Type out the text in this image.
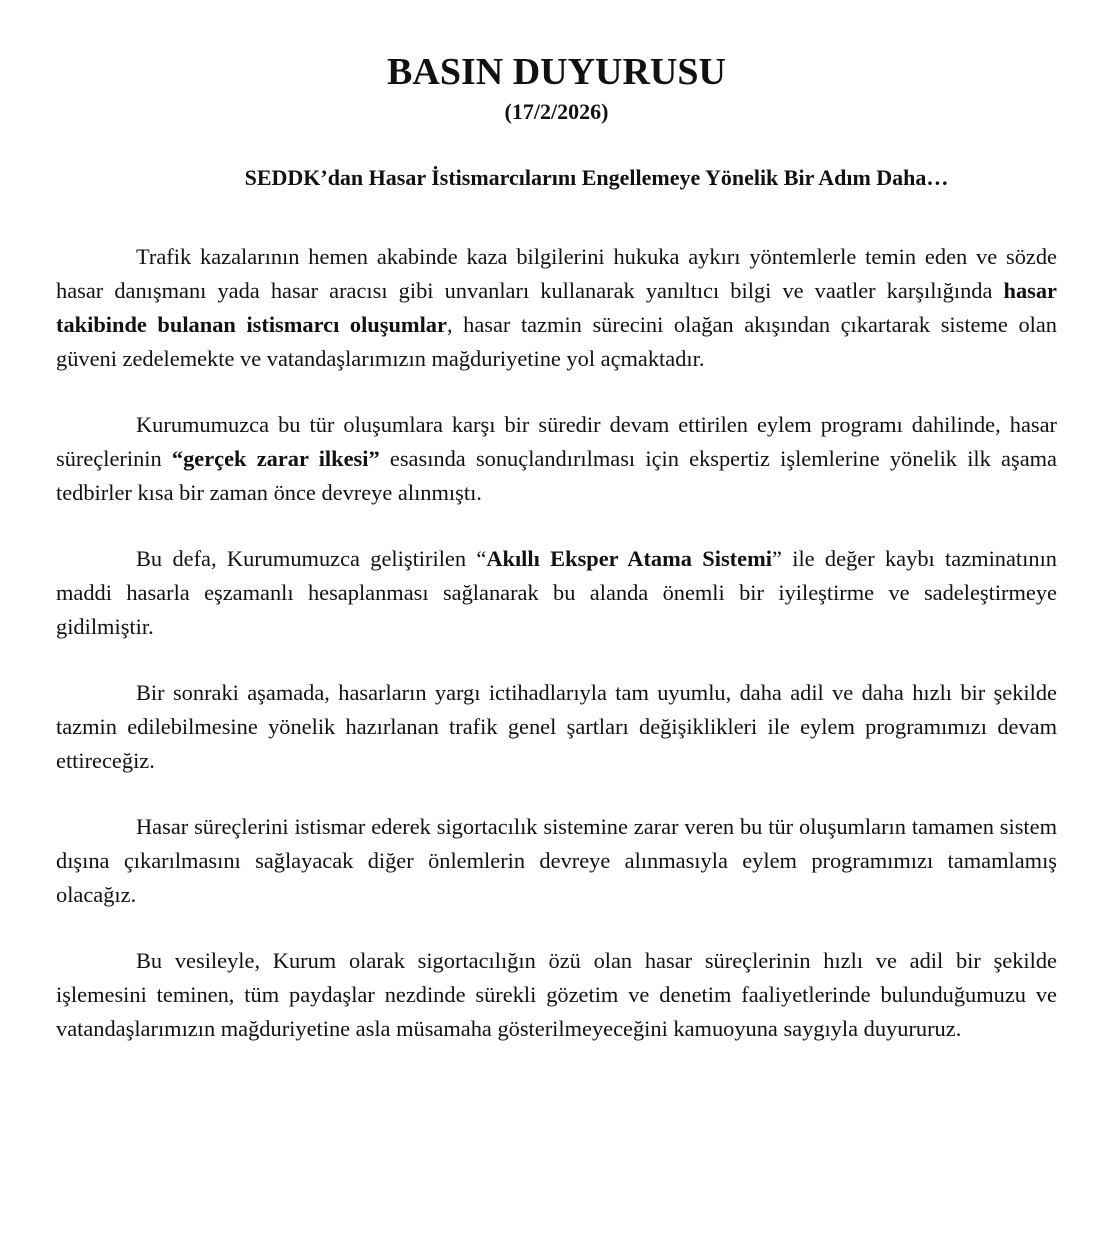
BASIN DUYURUSU
(17/2/2026)
SEDDK’dan Hasar İstismarcılarını Engellemeye Yönelik Bir Adım Daha…

Trafik kazalarının hemen akabinde kaza bilgilerini hukuka aykırı yöntemlerle temin eden ve sözde hasar danışmanı yada hasar aracısı gibi unvanları kullanarak yanıltıcı bilgi ve vaatler karşılığında hasar takibinde bulanan istismarcı oluşumlar, hasar tazmin sürecini olağan akışından çıkartarak sisteme olan güveni zedelemekte ve vatandaşlarımızın mağduriyetine yol açmaktadır.

Kurumumuzca bu tür oluşumlara karşı bir süredir devam ettirilen eylem programı dahilinde, hasar süreçlerinin “gerçek zarar ilkesi” esasında sonuçlandırılması için ekspertiz işlemlerine yönelik ilk aşama tedbirler kısa bir zaman önce devreye alınmıştı.

Bu defa, Kurumumuzca geliştirilen “Akıllı Eksper Atama Sistemi” ile değer kaybı tazminatının maddi hasarla eşzamanlı hesaplanması sağlanarak bu alanda önemli bir iyileştirme ve sadeleştirmeye gidilmiştir.

Bir sonraki aşamada, hasarların yargı ictihadlarıyla tam uyumlu, daha adil ve daha hızlı bir şekilde tazmin edilebilmesine yönelik hazırlanan trafik genel şartları değişiklikleri ile eylem programımızı devam ettireceğiz.

Hasar süreçlerini istismar ederek sigortacılık sistemine zarar veren bu tür oluşumların tamamen sistem dışına çıkarılmasını sağlayacak diğer önlemlerin devreye alınmasıyla eylem programımızı tamamlamış olacağız.

Bu vesileyle, Kurum olarak sigortacılığın özü olan hasar süreçlerinin hızlı ve adil bir şekilde işlemesini teminen, tüm paydaşlar nezdinde sürekli gözetim ve denetim faaliyetlerinde bulunduğumuzu ve vatandaşlarımızın mağduriyetine asla müsamaha gösterilmeyeceğini kamuoyuna saygıyla duyururuz.
